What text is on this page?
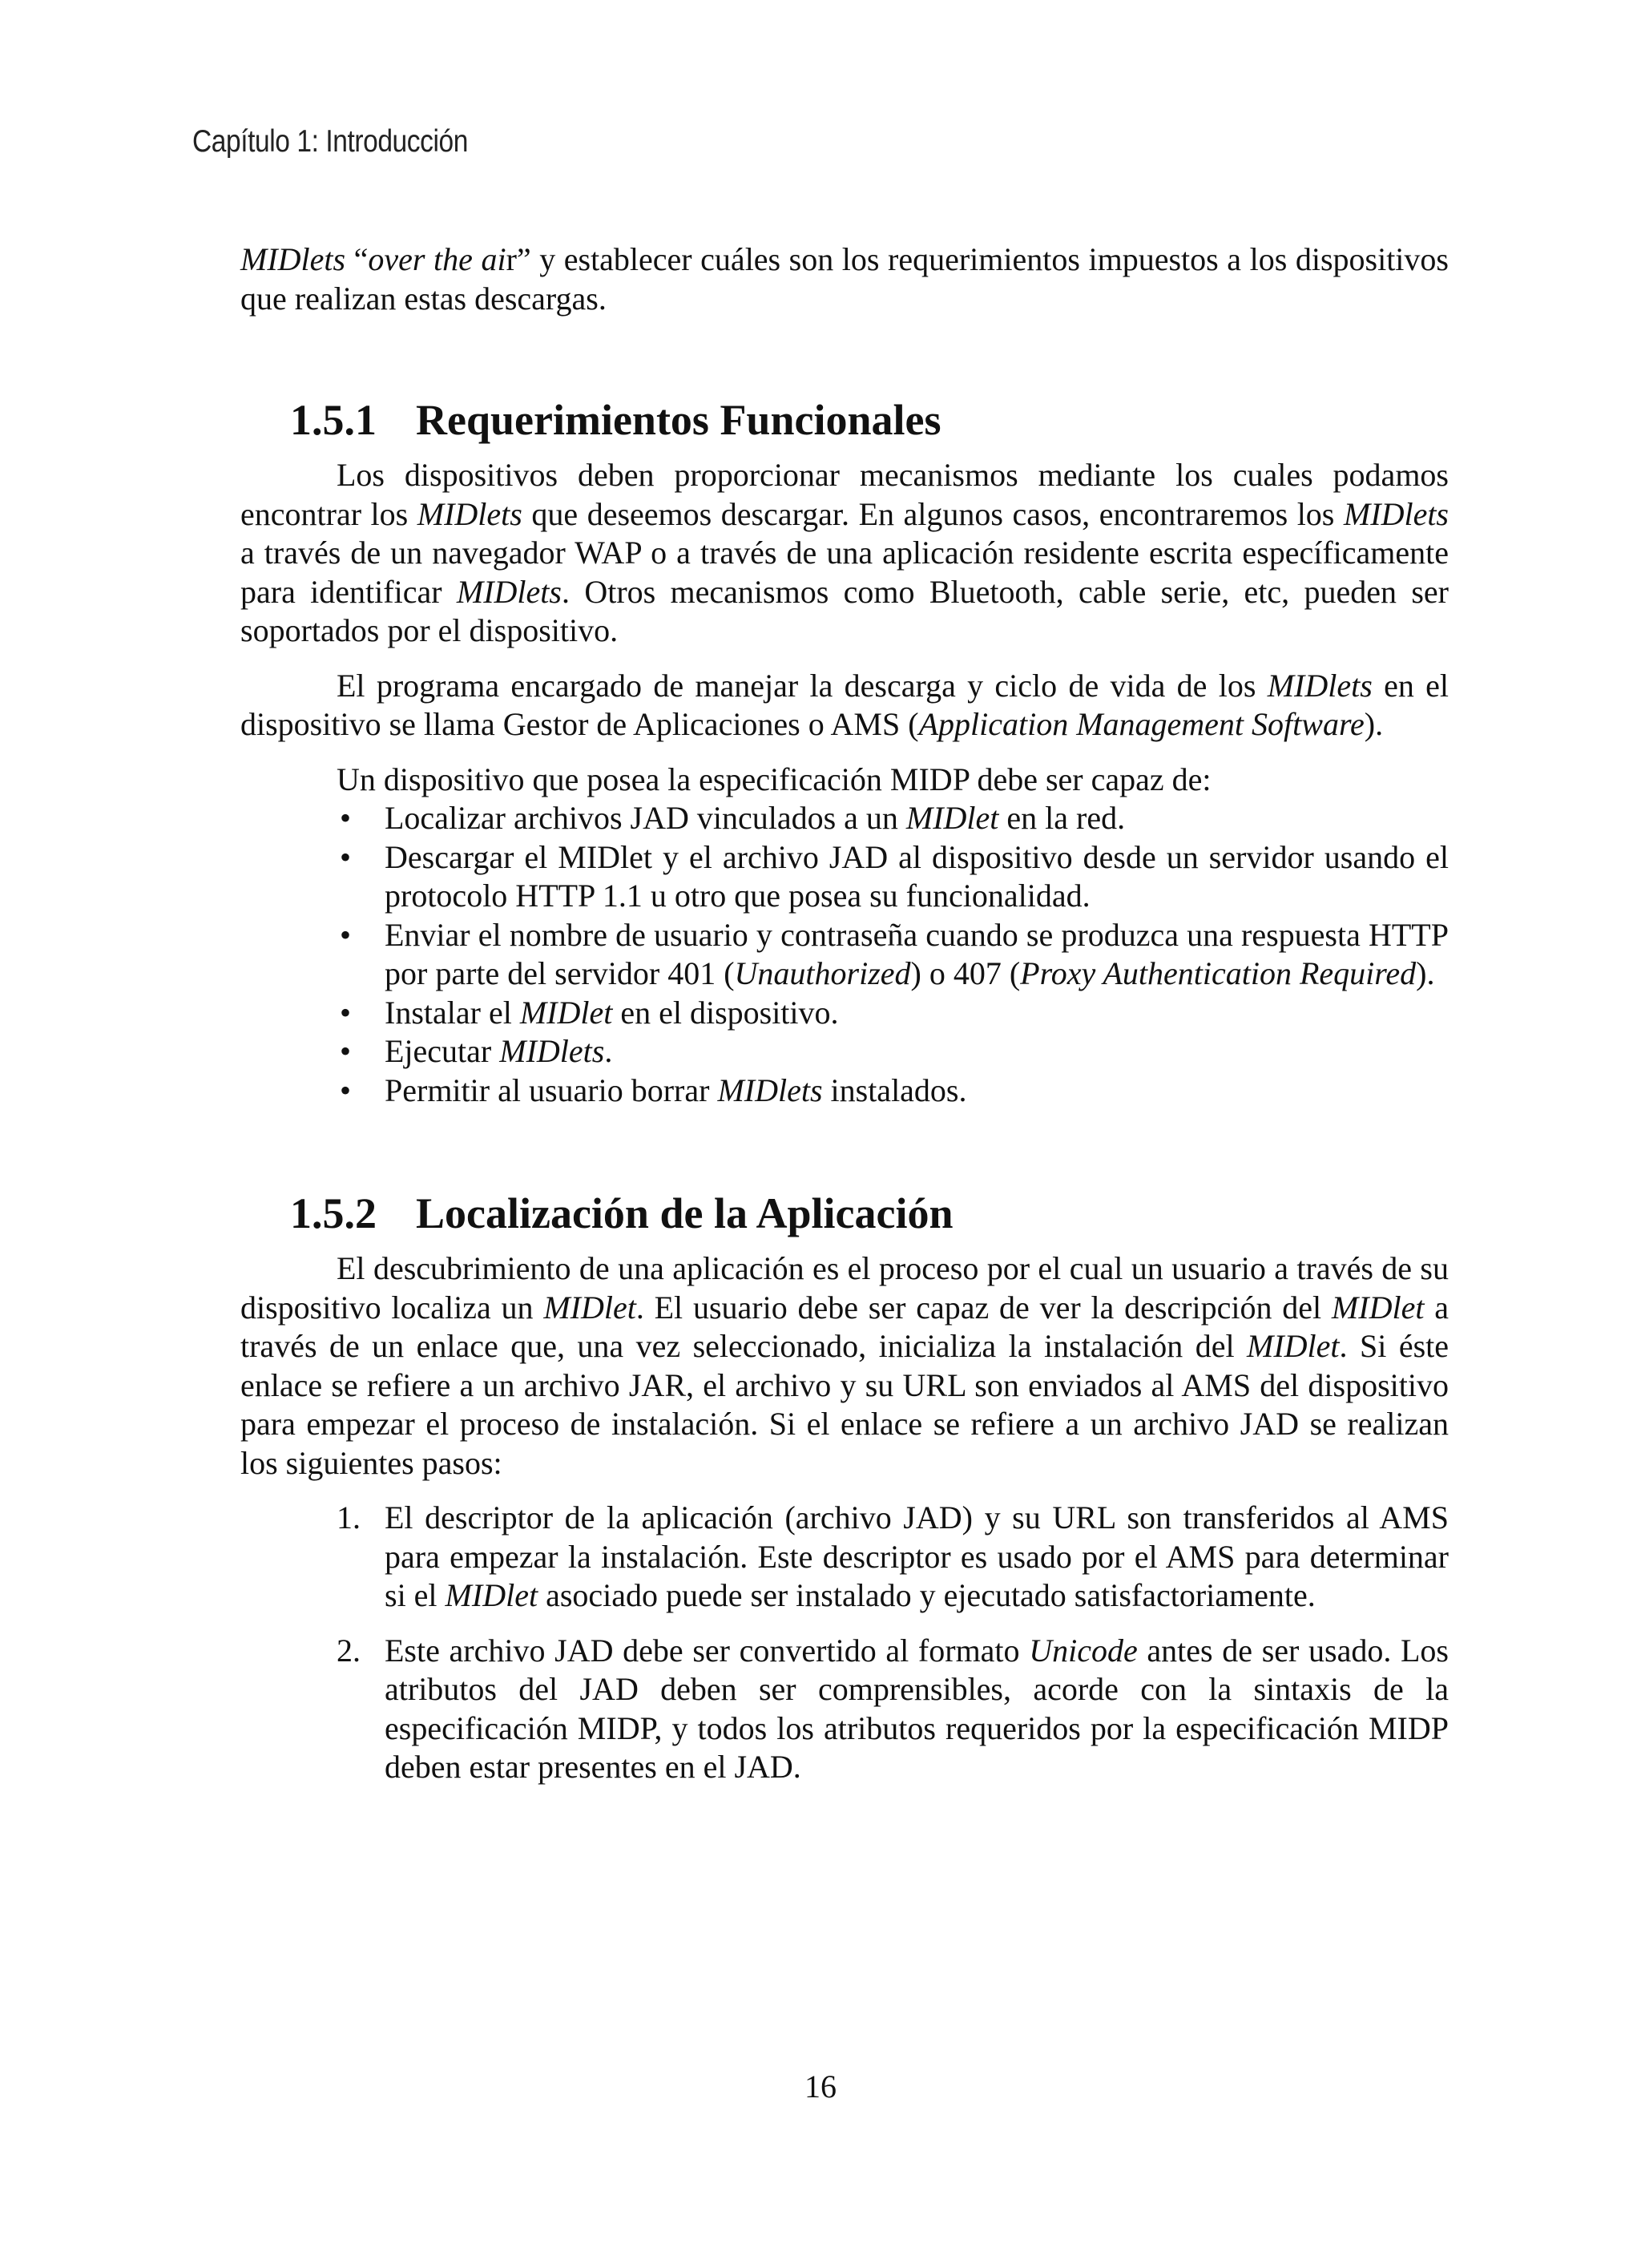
Capítulo 1: Introducción

MIDlets “over the air” y establecer cuáles son los requerimientos impuestos a los dispositivos que realizan estas descargas.

1.5.1 Requerimientos Funcionales

Los dispositivos deben proporcionar mecanismos mediante los cuales podamos encontrar los MIDlets que deseemos descargar. En algunos casos, encontraremos los MIDlets a través de un navegador WAP o a través de una aplicación residente escrita específicamente para identificar MIDlets. Otros mecanismos como Bluetooth, cable serie, etc, pueden ser soportados por el dispositivo.

El programa encargado de manejar la descarga y ciclo de vida de los MIDlets en el dispositivo se llama Gestor de Aplicaciones o AMS (Application Management Software).

Un dispositivo que posea la especificación MIDP debe ser capaz de:

• Localizar archivos JAD vinculados a un MIDlet en la red.
• Descargar el MIDlet y el archivo JAD al dispositivo desde un servidor usando el protocolo HTTP 1.1 u otro que posea su funcionalidad.
• Enviar el nombre de usuario y contraseña cuando se produzca una respuesta HTTP por parte del servidor 401 (Unauthorized) o 407 (Proxy Authentication Required).
• Instalar el MIDlet en el dispositivo.
• Ejecutar MIDlets.
• Permitir al usuario borrar MIDlets instalados.
1.5.2 Localización de la Aplicación

El descubrimiento de una aplicación es el proceso por el cual un usuario a través de su dispositivo localiza un MIDlet. El usuario debe ser capaz de ver la descripción del MIDlet a través de un enlace que, una vez seleccionado, inicializa la instalación del MIDlet. Si éste enlace se refiere a un archivo JAR, el archivo y su URL son enviados al AMS del dispositivo para empezar el proceso de instalación. Si el enlace se refiere a un archivo JAD se realizan los siguientes pasos:

1. El descriptor de la aplicación (archivo JAD) y su URL son transferidos al AMS para empezar la instalación. Este descriptor es usado por el AMS para determinar si el MIDlet asociado puede ser instalado y ejecutado satisfactoriamente.
2. Este archivo JAD debe ser convertido al formato Unicode antes de ser usado. Los atributos del JAD deben ser comprensibles, acorde con la sintaxis de la especificación MIDP, y todos los atributos requeridos por la especificación MIDP deben estar presentes en el JAD.
16
